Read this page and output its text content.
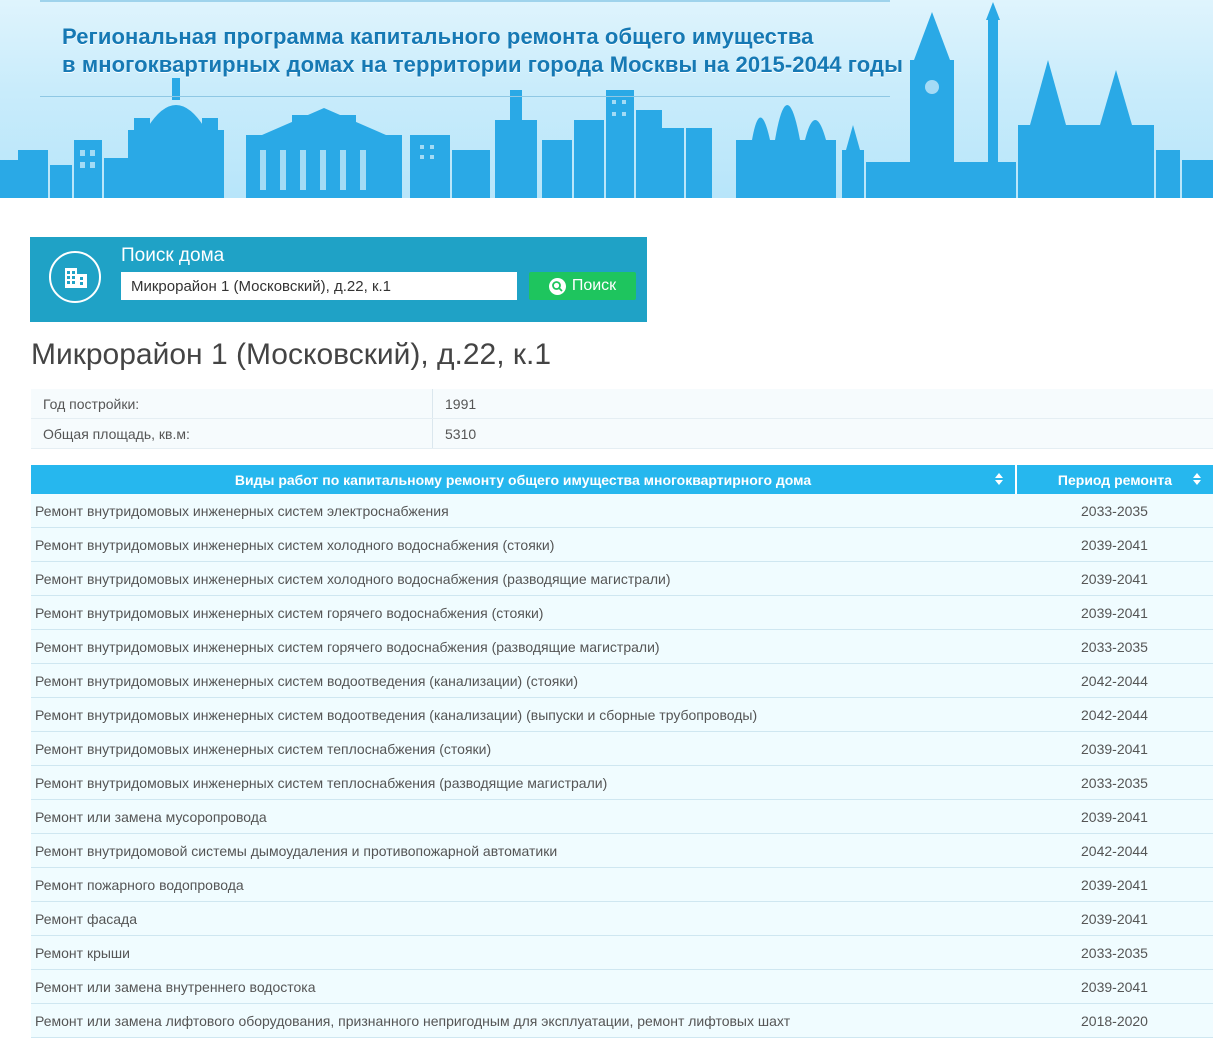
Региональная программа капитального ремонта общего имущества
в многоквартирных домах на территории города Москвы на 2015-2044 годы
Поиск дома
Микрорайон 1 (Московский), д.22, к.1
Поиск
Микрорайон 1 (Московский), д.22, к.1
Год постройки:	1991
Общая площадь, кв.м:	5310
Виды работ по капитальному ремонту общего имущества многоквартирного дома	Период ремонта

Ремонт внутридомовых инженерных систем электроснабжения	2033-2035
Ремонт внутридомовых инженерных систем холодного водоснабжения (стояки)	2039-2041
Ремонт внутридомовых инженерных систем холодного водоснабжения (разводящие магистрали)	2039-2041
Ремонт внутридомовых инженерных систем горячего водоснабжения (стояки)	2039-2041
Ремонт внутридомовых инженерных систем горячего водоснабжения (разводящие магистрали)	2033-2035
Ремонт внутридомовых инженерных систем водоотведения (канализации) (стояки)	2042-2044
Ремонт внутридомовых инженерных систем водоотведения (канализации) (выпуски и сборные трубопроводы)	2042-2044
Ремонт внутридомовых инженерных систем теплоснабжения (стояки)	2039-2041
Ремонт внутридомовых инженерных систем теплоснабжения (разводящие магистрали)	2033-2035
Ремонт или замена мусоропровода	2039-2041
Ремонт внутридомовой системы дымоудаления и противопожарной автоматики	2042-2044
Ремонт пожарного водопровода	2039-2041
Ремонт фасада	2039-2041
Ремонт крыши	2033-2035
Ремонт или замена внутреннего водостока	2039-2041
Ремонт или замена лифтового оборудования, признанного непригодным для эксплуатации, ремонт лифтовых шахт	2018-2020
